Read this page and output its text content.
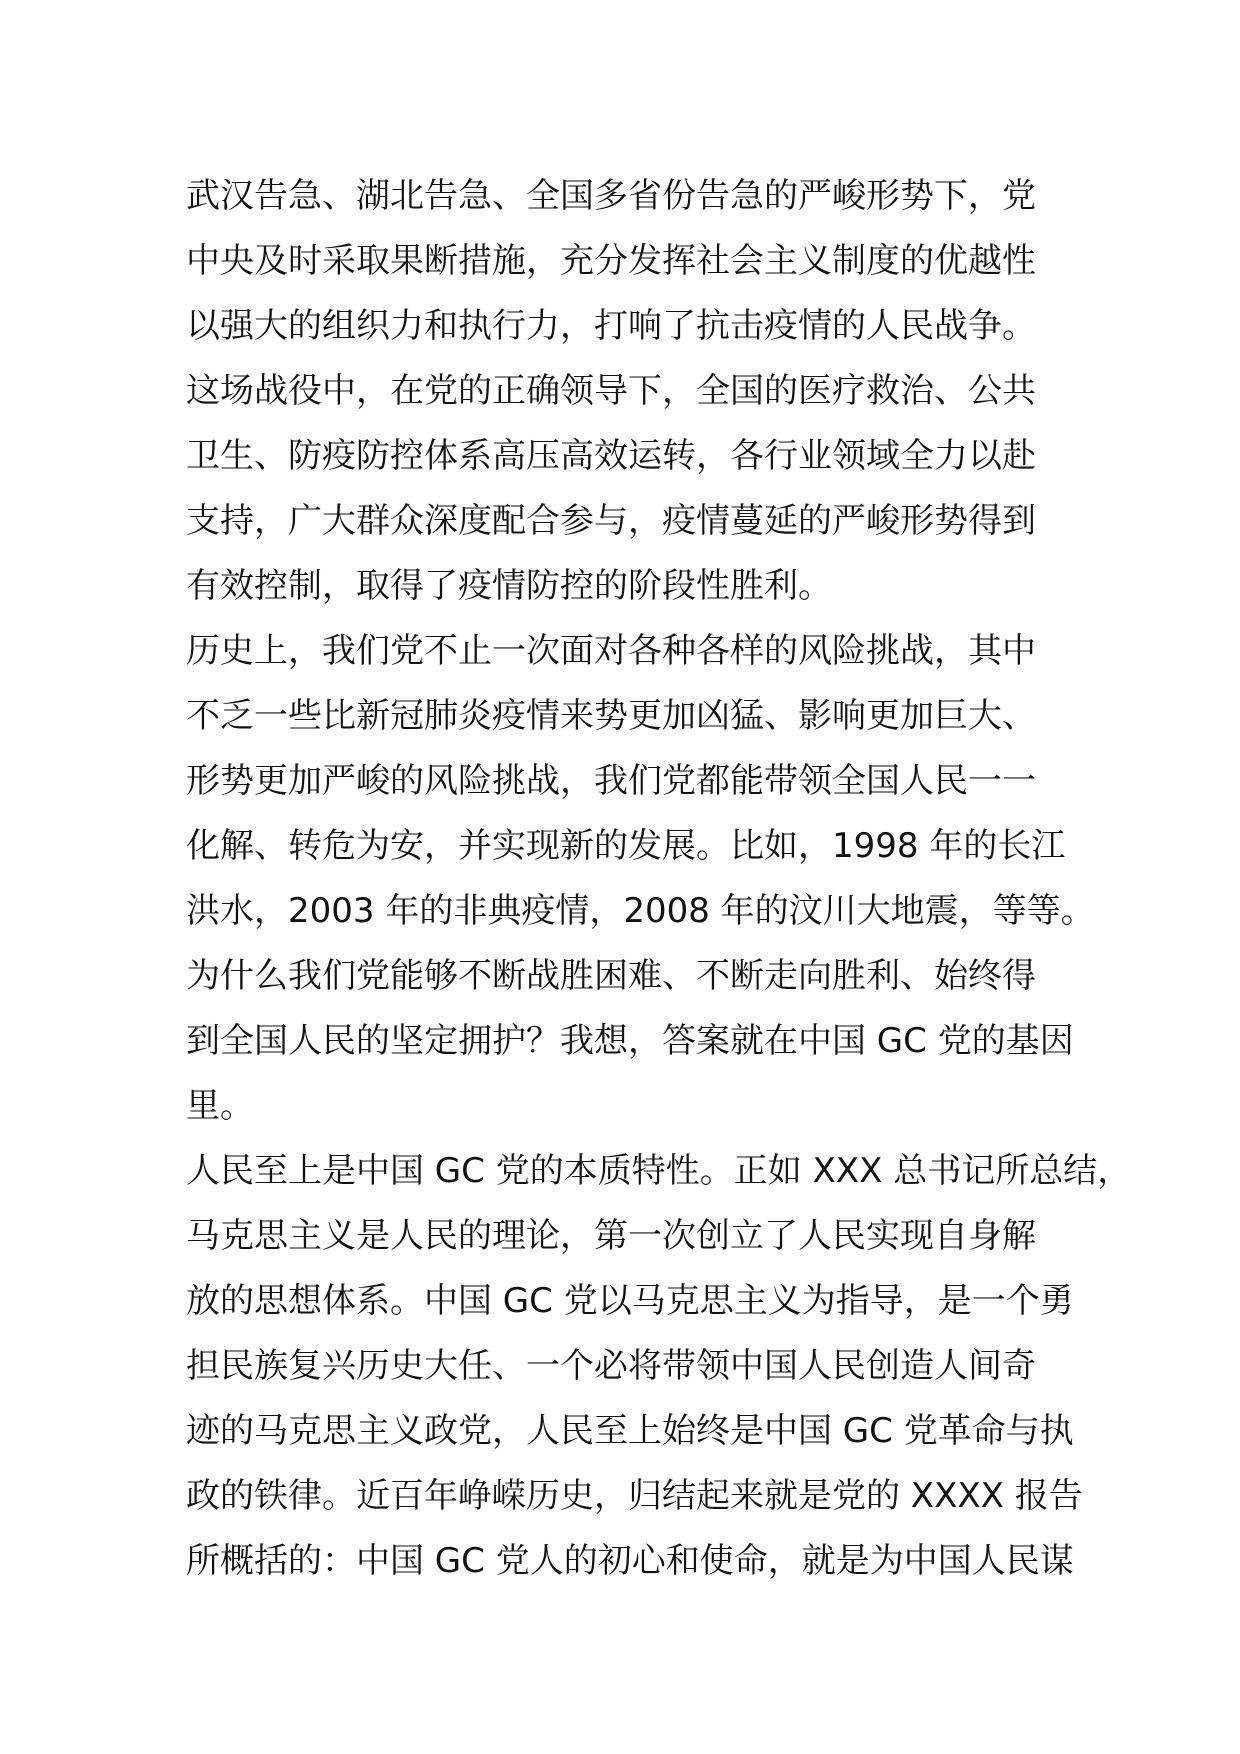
武汉告急、湖北告急、全国多省份告急的严峻形势下，党
中央及时采取果断措施，充分发挥社会主义制度的优越性
以强大的组织力和执行力，打响了抗击疫情的人民战争。
这场战役中，在党的正确领导下，全国的医疗救治、公共
卫生、防疫防控体系高压高效运转，各行业领域全力以赴
支持，广大群众深度配合参与，疫情蔓延的严峻形势得到
有效控制，取得了疫情防控的阶段性胜利。
历史上，我们党不止一次面对各种各样的风险挑战，其中
不乏一些比新冠肺炎疫情来势更加凶猛、影响更加巨大、
形势更加严峻的风险挑战，我们党都能带领全国人民一一
化解、转危为安，并实现新的发展。比如，1998 年的长江
洪水，2003 年的非典疫情，2008 年的汶川大地震，等等。
为什么我们党能够不断战胜困难、不断走向胜利、始终得
到全国人民的坚定拥护？我想，答案就在中国 GC 党的基因
里。
人民至上是中国 GC 党的本质特性。正如 XXX 总书记所总结，
马克思主义是人民的理论，第一次创立了人民实现自身解
放的思想体系。中国 GC 党以马克思主义为指导，是一个勇
担民族复兴历史大任、一个必将带领中国人民创造人间奇
迹的马克思主义政党，人民至上始终是中国 GC 党革命与执
政的铁律。近百年峥嵘历史，归结起来就是党的 XXXX 报告
所概括的：中国 GC 党人的初心和使命，就是为中国人民谋
